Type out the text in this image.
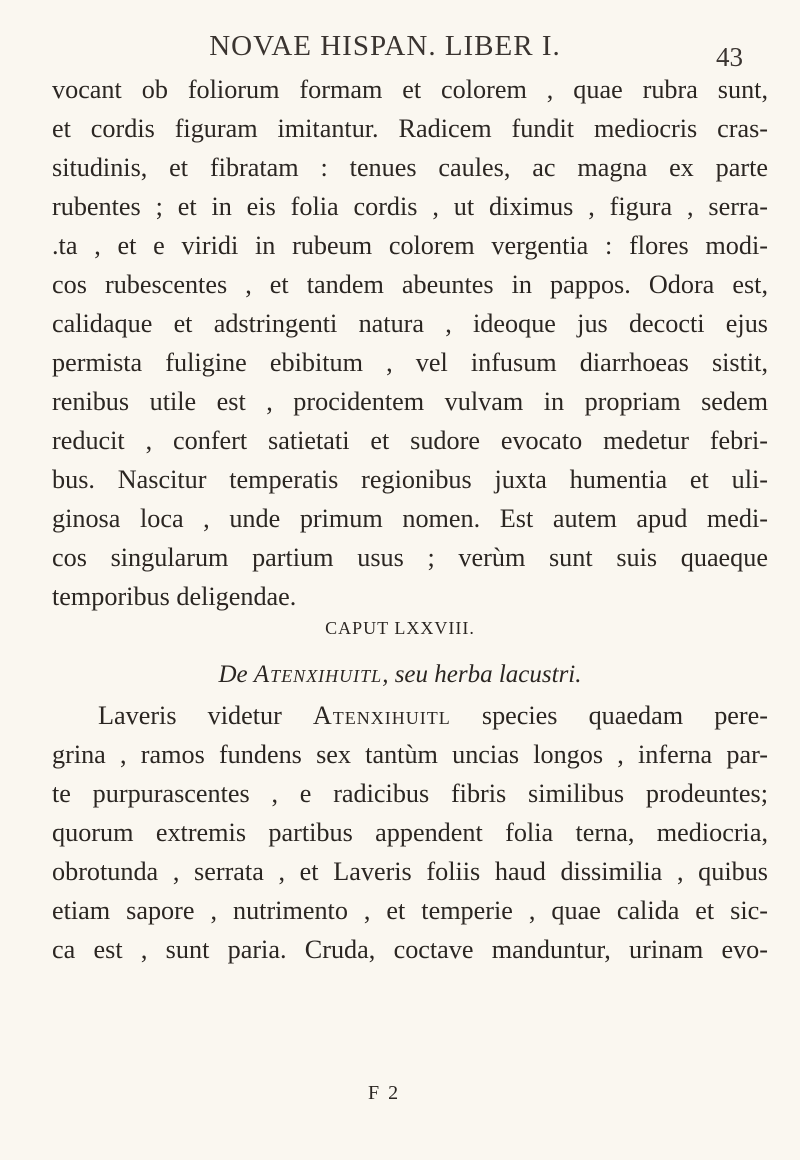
NOVAE HISPAN. LIBER I.	43
vocant ob foliorum formam et colorem , quae rubra sunt,
et cordis figuram imitantur. Radicem fundit mediocris cras-
situdinis, et fibratam : tenues caules, ac magna ex parte
rubentes ; et in eis folia cordis , ut diximus , figura , serra-
.ta , et e viridi in rubeum colorem vergentia : flores modi-
cos rubescentes , et tandem abeuntes in pappos. Odora est,
calidaque et adstringenti natura , ideoque jus decocti ejus
permista fuligine ebibitum , vel infusum diarrhoeas sistit,
renibus utile est , procidentem vulvam in propriam sedem
reducit , confert satietati et sudore evocato medetur febri-
bus. Nascitur temperatis regionibus juxta humentia et uli-
ginosa loca , unde primum nomen. Est autem apud medi-
cos singularum partium usus ; verùm sunt suis quaeque
temporibus deligendae.
CAPUT LXXVIII.
De Atenxihuitl, seu herba lacustri.
Laveris videtur Atenxihuitl species quaedam pere-
grina , ramos fundens sex tantùm uncias longos , inferna par-
te purpurascentes , e radicibus fibris similibus prodeuntes;
quorum extremis partibus appendent folia terna, mediocria,
obrotunda , serrata , et Laveris foliis haud dissimilia , quibus
etiam sapore , nutrimento , et temperie , quae calida et sic-
ca est , sunt paria. Cruda, coctave manduntur, urinam evo-
F 2
